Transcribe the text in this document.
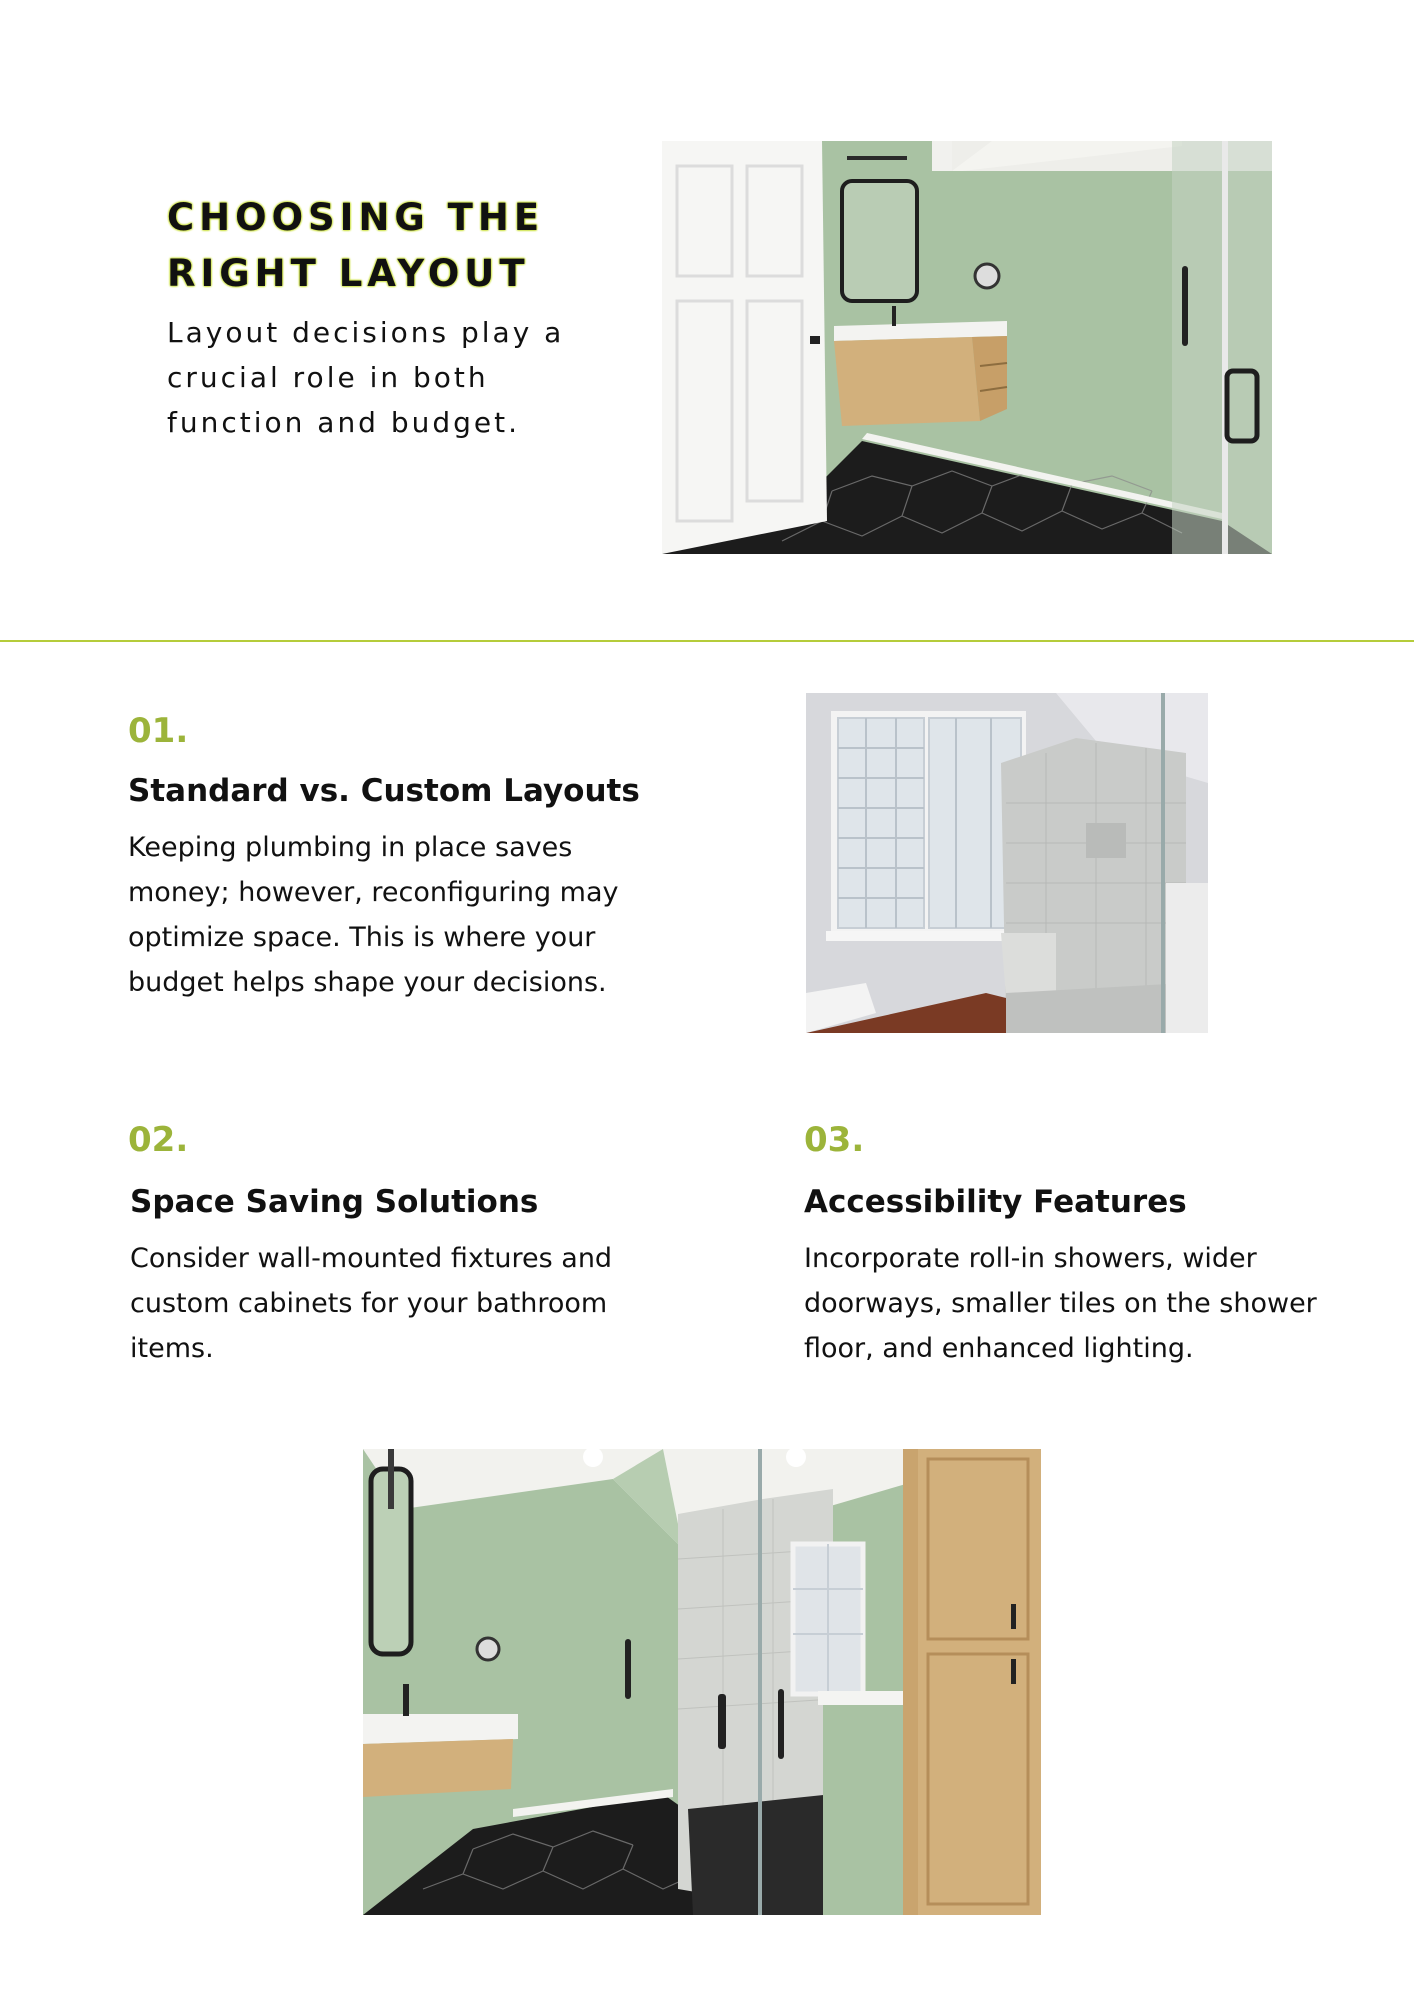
CHOOSING THE
RIGHT LAYOUT
Layout decisions play a crucial role in both function and budget.
01.
Standard vs. Custom Layouts
Keeping plumbing in place saves money; however, reconfiguring may optimize space. This is where your budget helps shape your decisions.
02.
Space Saving Solutions
Consider wall-mounted fixtures and custom cabinets for your bathroom items.
03.
Accessibility Features
Incorporate roll-in showers, wider doorways, smaller tiles on the shower floor, and enhanced lighting.
